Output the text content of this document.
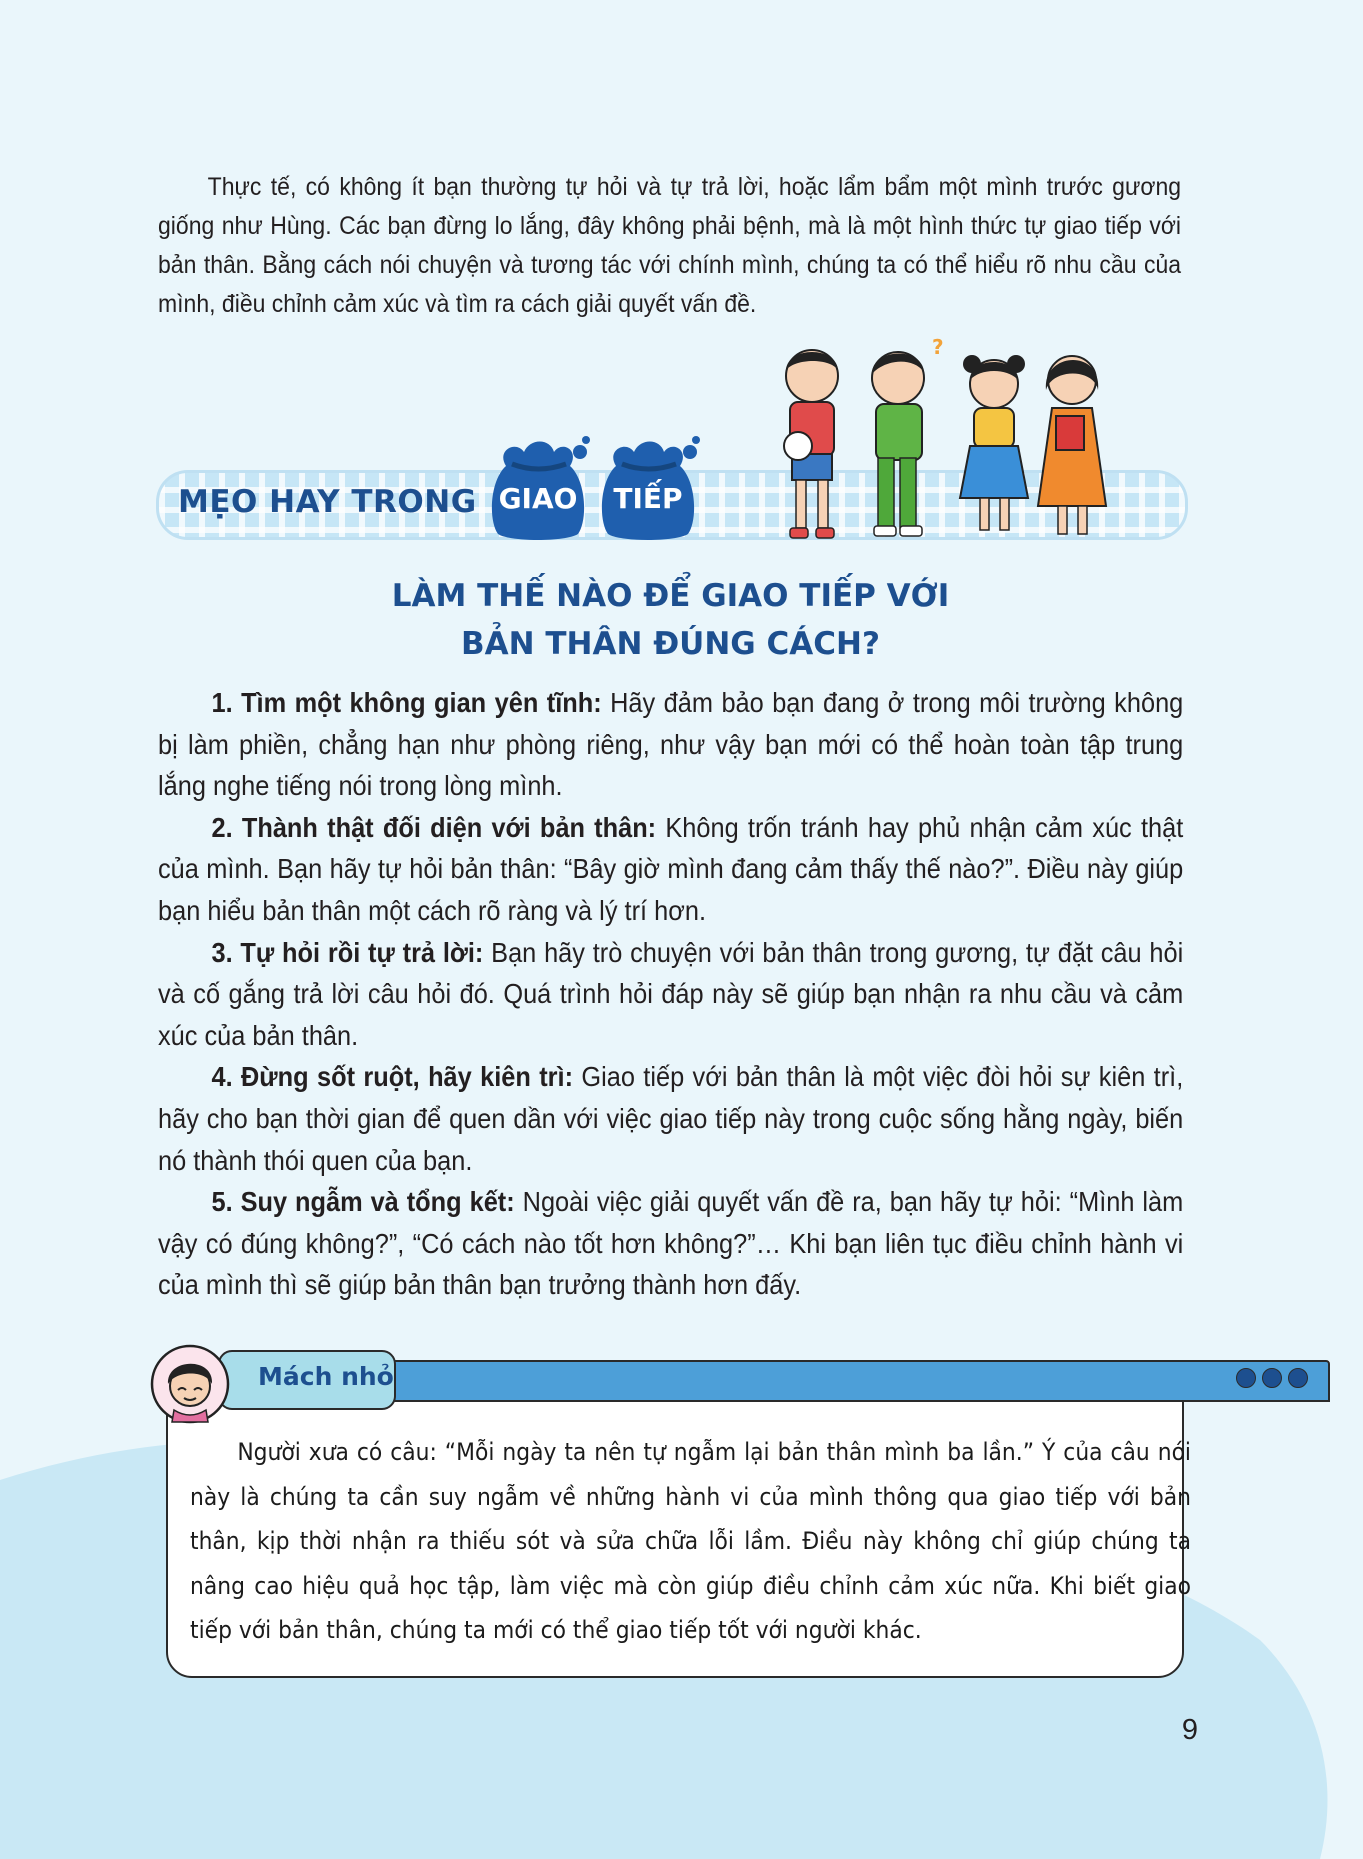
Thực tế, có không ít bạn thường tự hỏi và tự trả lời, hoặc lẩm bẩm một mình trước gương giống như Hùng. Các bạn đừng lo lắng, đây không phải bệnh, mà là một hình thức tự giao tiếp với bản thân. Bằng cách nói chuyện và tương tác với chính mình, chúng ta có thể hiểu rõ nhu cầu của mình, điều chỉnh cảm xúc và tìm ra cách giải quyết vấn đề.

MẸO HAY TRONG GIAO	TIẾP
?
LÀM THẾ NÀO ĐỂ GIAO TIẾP VỚI
BẢN THÂN ĐÚNG CÁCH?

1. Tìm một không gian yên tĩnh: Hãy đảm bảo bạn đang ở trong môi trường không bị làm phiền, chẳng hạn như phòng riêng, như vậy bạn mới có thể hoàn toàn tập trung lắng nghe tiếng nói trong lòng mình.

2. Thành thật đối diện với bản thân: Không trốn tránh hay phủ nhận cảm xúc thật của mình. Bạn hãy tự hỏi bản thân: “Bây giờ mình đang cảm thấy thế nào?”. Điều này giúp bạn hiểu bản thân một cách rõ ràng và lý trí hơn.

3. Tự hỏi rồi tự trả lời: Bạn hãy trò chuyện với bản thân trong gương, tự đặt câu hỏi và cố gắng trả lời câu hỏi đó. Quá trình hỏi đáp này sẽ giúp bạn nhận ra nhu cầu và cảm xúc của bản thân.

4. Đừng sốt ruột, hãy kiên trì: Giao tiếp với bản thân là một việc đòi hỏi sự kiên trì, hãy cho bạn thời gian để quen dần với việc giao tiếp này trong cuộc sống hằng ngày, biến nó thành thói quen của bạn.

5. Suy ngẫm và tổng kết: Ngoài việc giải quyết vấn đề ra, bạn hãy tự hỏi: “Mình làm vậy có đúng không?”, “Có cách nào tốt hơn không?”… Khi bạn liên tục điều chỉnh hành vi của mình thì sẽ giúp bản thân bạn trưởng thành hơn đấy.

Mách nhỏ

Người xưa có câu: “Mỗi ngày ta nên tự ngẫm lại bản thân mình ba lần.” Ý của câu nói này là chúng ta cần suy ngẫm về những hành vi của mình thông qua giao tiếp với bản thân, kịp thời nhận ra thiếu sót và sửa chữa lỗi lầm. Điều này không chỉ giúp chúng ta nâng cao hiệu quả học tập, làm việc mà còn giúp điều chỉnh cảm xúc nữa. Khi biết giao tiếp với bản thân, chúng ta mới có thể giao tiếp tốt với người khác.

9
